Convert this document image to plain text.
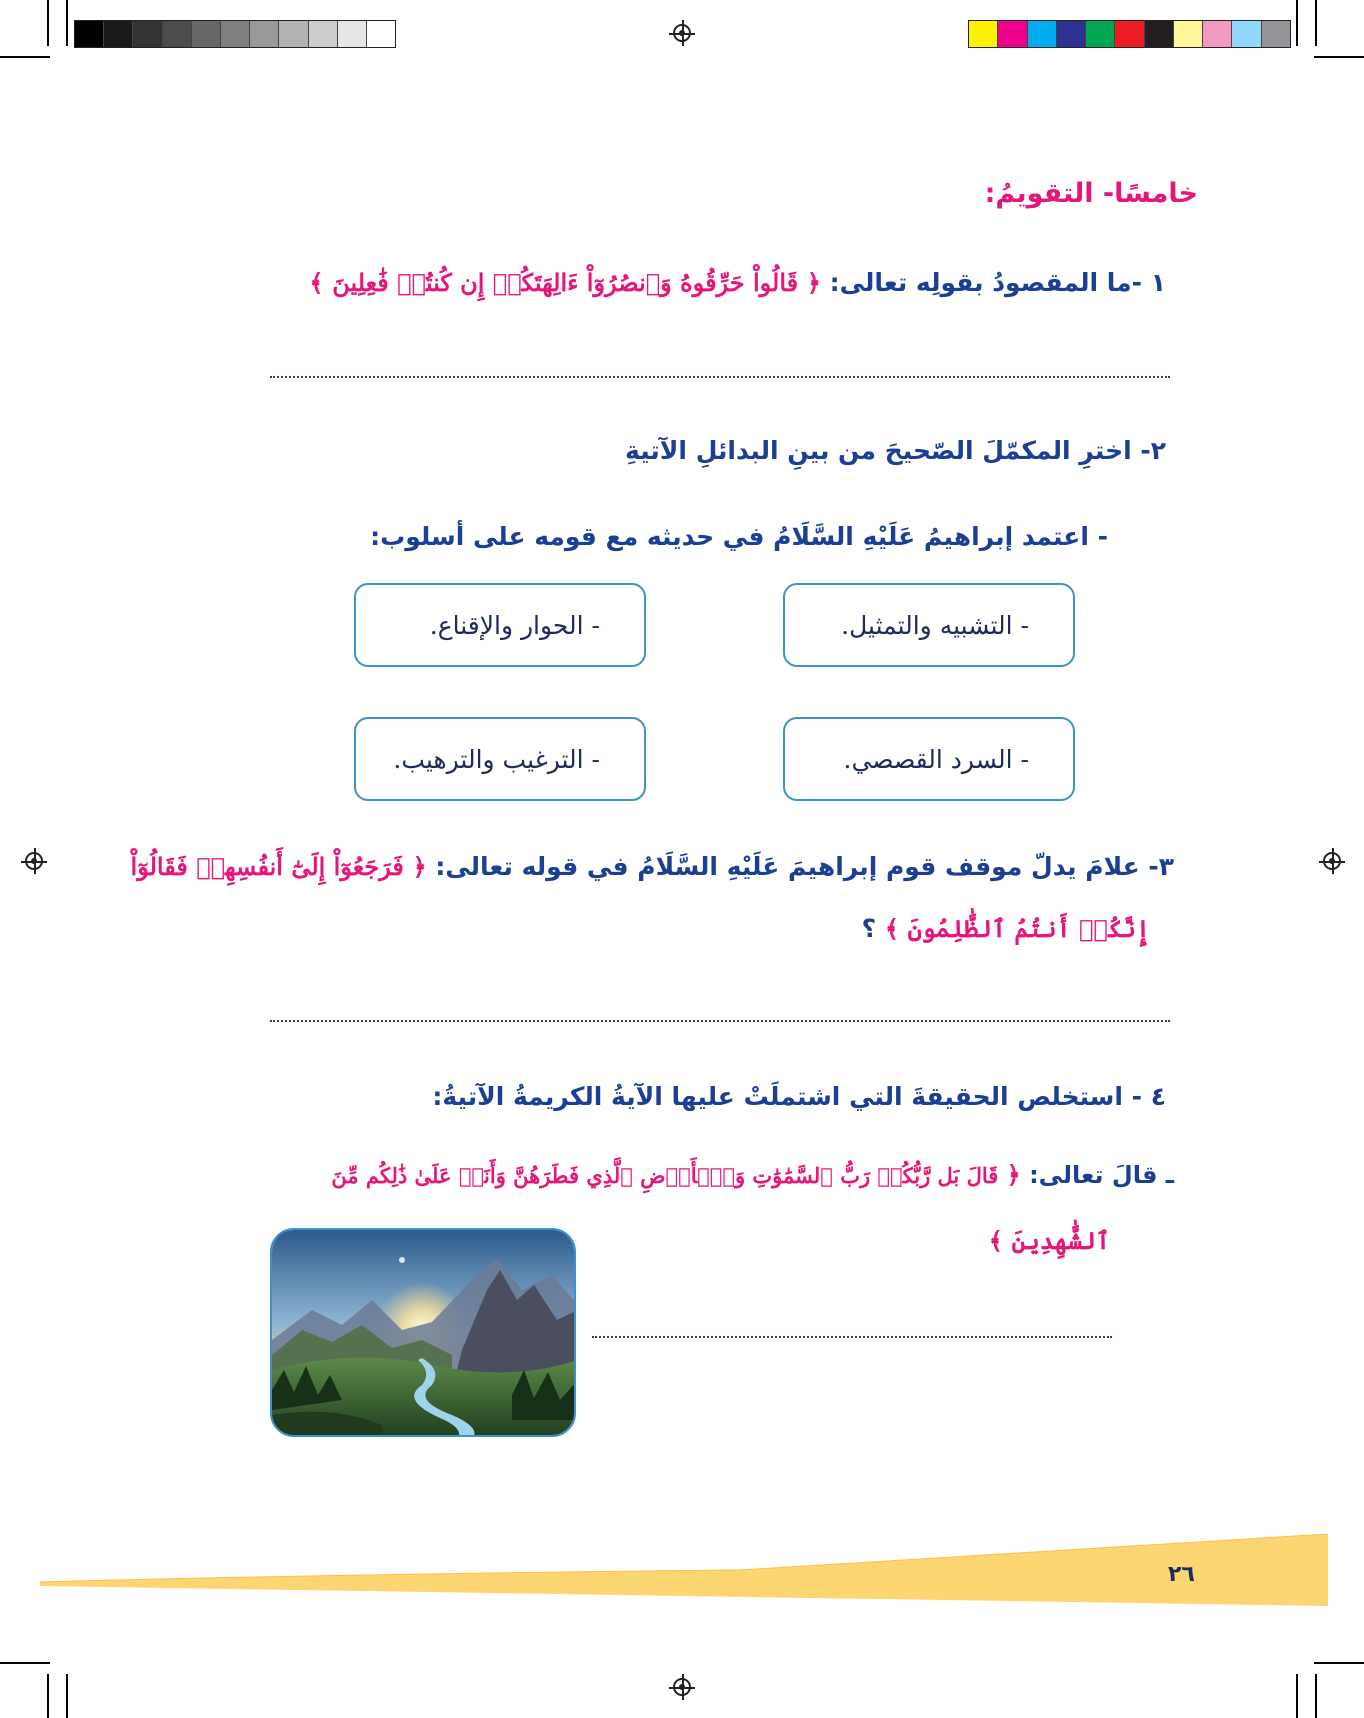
خامسًا- التقويمُ:
١ -ما المقصودُ بقولِه تعالى: ﴿ قَالُواْ حَرِّقُوهُ وَٱنصُرُوٓاْ ءَالِهَتَكُمۡ إِن كُنتُمۡ فَٰعِلِينَ ﴾
٢- اخترِ المكمّلَ الصّحيحَ من بينِ البدائلِ الآتيةِ
- اعتمد إبراهيمُ عَلَيْهِ السَّلَامُ في حديثه مع قومه على أسلوب:
- التشبيه والتمثيل.
- الحوار والإقناع.
- السرد القصصي.
- الترغيب والترهيب.
٣- علامَ يدلّ موقف قوم إبراهيمَ عَلَيْهِ السَّلَامُ في قوله تعالى: ﴿ فَرَجَعُوٓاْ إِلَىٰٓ أَنفُسِهِمۡ فَقَالُوٓاْ
إِنَّكُمۡ أَنتُمُ ٱلظَّٰلِمُونَ ﴾ ؟
٤ - استخلص الحقيقةَ التي اشتملَتْ عليها الآيةُ الكريمةُ الآتيةُ:
ـ قالَ تعالى: ﴿ قَالَ بَل رَّبُّكُمۡ رَبُّ ٱلسَّمَٰوَٰتِ وَٱلۡأَرۡضِ ٱلَّذِي فَطَرَهُنَّ وَأَنَا۠ عَلَىٰ ذَٰلِكُم مِّنَ
ٱلشَّٰهِدِينَ ﴾
٢٦
